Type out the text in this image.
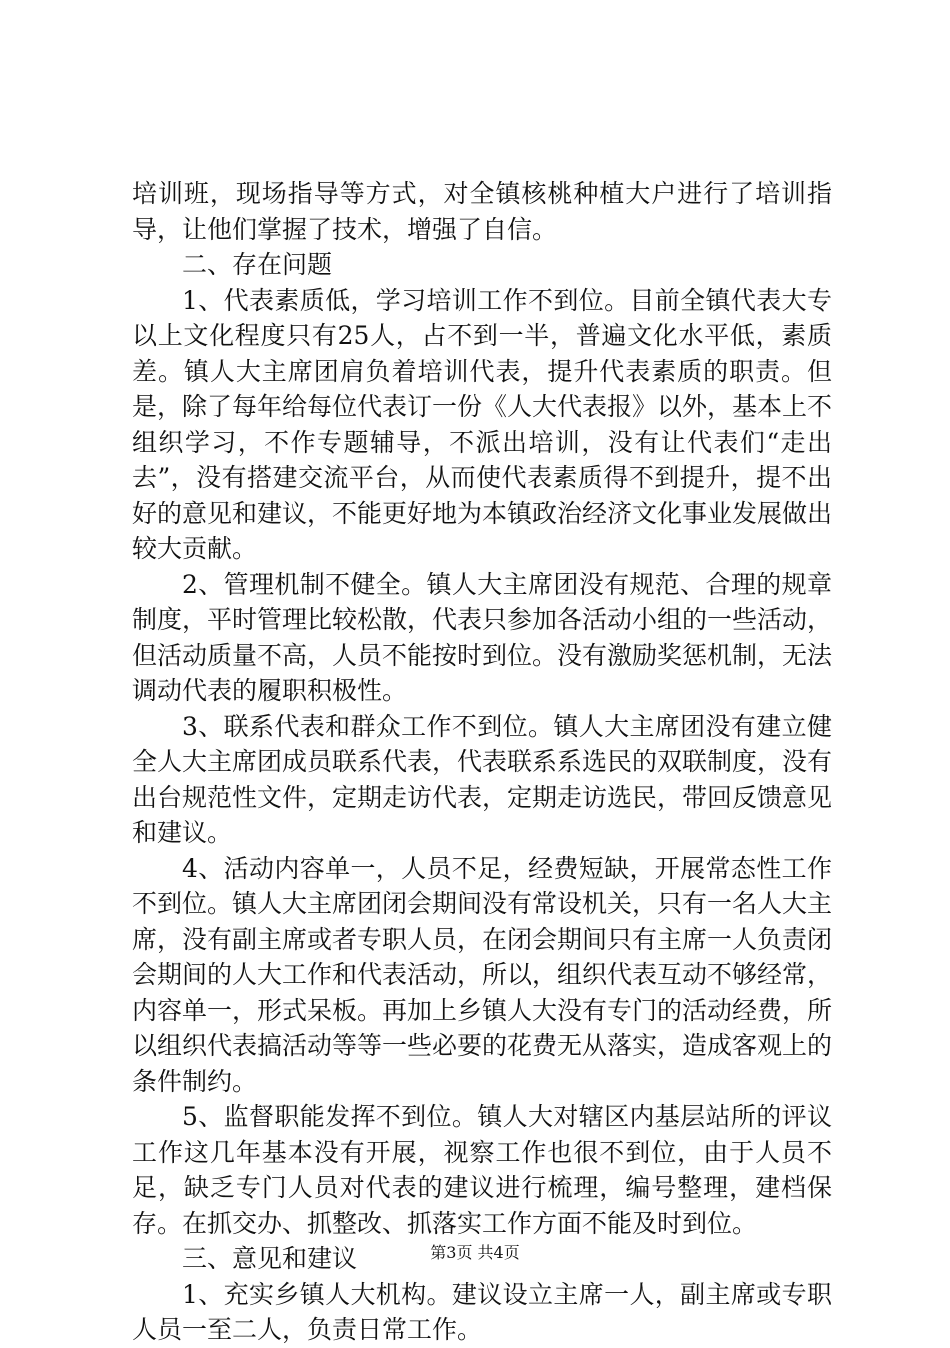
培训班，现场指导等方式，对全镇核桃种植大户进行了培训指导，让他们掌握了技术，增强了自信。

二、存在问题

1、代表素质低，学习培训工作不到位。目前全镇代表大专以上文化程度只有25人，占不到一半，普遍文化水平低，素质差。镇人大主席团肩负着培训代表，提升代表素质的职责。但是，除了每年给每位代表订一份《人大代表报》以外，基本上不组织学习，不作专题辅导，不派出培训，没有让代表们“走出去”，没有搭建交流平台，从而使代表素质得不到提升，提不出好的意见和建议，不能更好地为本镇政治经济文化事业发展做出较大贡献。

2、管理机制不健全。镇人大主席团没有规范、合理的规章制度，平时管理比较松散，代表只参加各活动小组的一些活动，但活动质量不高，人员不能按时到位。没有激励奖惩机制，无法调动代表的履职积极性。

3、联系代表和群众工作不到位。镇人大主席团没有建立健全人大主席团成员联系代表，代表联系系选民的双联制度，没有出台规范性文件，定期走访代表，定期走访选民，带回反馈意见和建议。

4、活动内容单一，人员不足，经费短缺，开展常态性工作不到位。镇人大主席团闭会期间没有常设机关，只有一名人大主席，没有副主席或者专职人员，在闭会期间只有主席一人负责闭会期间的人大工作和代表活动，所以，组织代表互动不够经常，内容单一，形式呆板。再加上乡镇人大没有专门的活动经费，所以组织代表搞活动等等一些必要的花费无从落实，造成客观上的条件制约。

5、监督职能发挥不到位。镇人大对辖区内基层站所的评议工作这几年基本没有开展，视察工作也很不到位，由于人员不足，缺乏专门人员对代表的建议进行梳理，编号整理，建档保存。在抓交办、抓整改、抓落实工作方面不能及时到位。

三、意见和建议

1、充实乡镇人大机构。建议设立主席一人，副主席或专职人员一至二人，负责日常工作。

第3页 共4页
